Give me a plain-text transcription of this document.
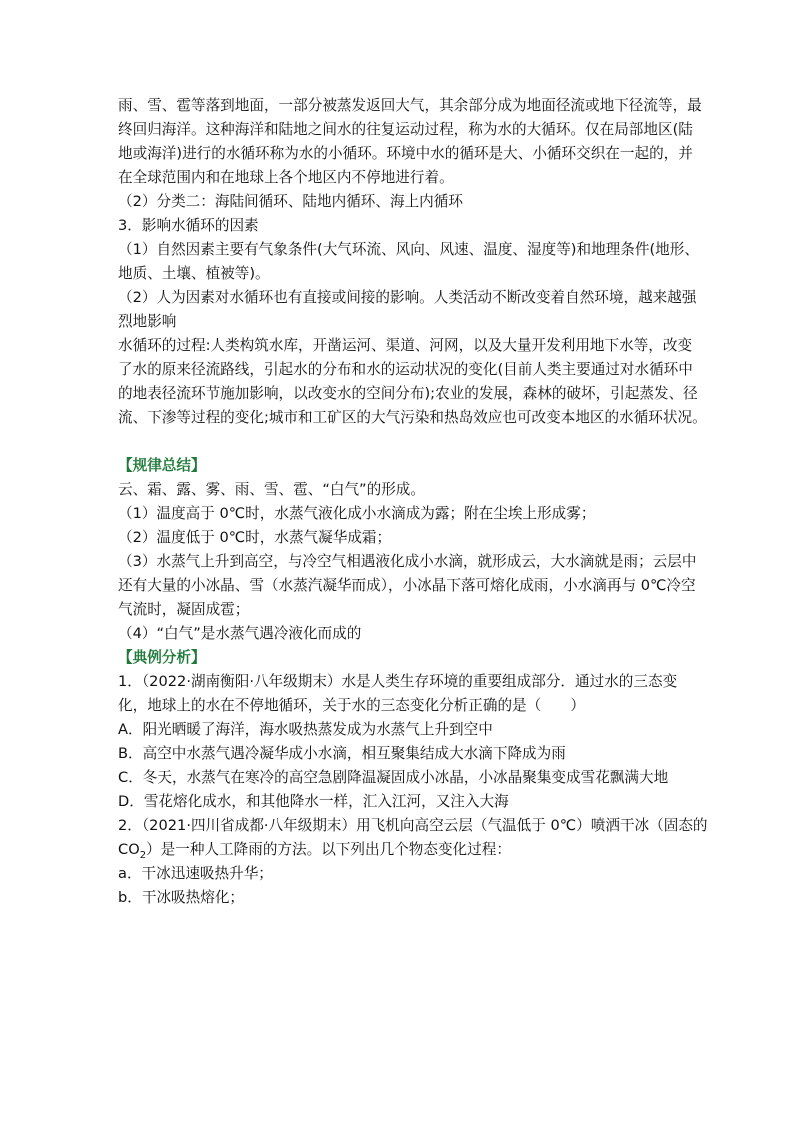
雨、雪、雹等落到地面，一部分被蒸发返回大气，其余部分成为地面径流或地下径流等，最
终回归海洋。这种海洋和陆地之间水的往复运动过程，称为水的大循环。仅在局部地区(陆
地或海洋)进行的水循环称为水的小循环。环境中水的循环是大、小循环交织在一起的，并
在全球范围内和在地球上各个地区内不停地进行着。
（2）分类二：海陆间循环、陆地内循环、海上内循环
3．影响水循环的因素
（1）自然因素主要有气象条件(大气环流、风向、风速、温度、湿度等)和地理条件(地形、
地质、土壤、植被等)。
（2）人为因素对水循环也有直接或间接的影响。人类活动不断改变着自然环境，越来越强
烈地影响
水循环的过程:人类构筑水库，开凿运河、渠道、河网，以及大量开发利用地下水等，改变
了水的原来径流路线，引起水的分布和水的运动状况的变化(目前人类主要通过对水循环中
的地表径流环节施加影响，以改变水的空间分布);农业的发展，森林的破坏，引起蒸发、径
流、下渗等过程的变化;城市和工矿区的大气污染和热岛效应也可改变本地区的水循环状况。
【规律总结】
云、霜、露、雾、雨、雪、雹、“白气”的形成。
（1）温度高于 0℃时，水蒸气液化成小水滴成为露；附在尘埃上形成雾；
（2）温度低于 0℃时，水蒸气凝华成霜；
（3）水蒸气上升到高空，与冷空气相遇液化成小水滴，就形成云，大水滴就是雨；云层中
还有大量的小冰晶、雪（水蒸汽凝华而成），小冰晶下落可熔化成雨，小水滴再与 0℃冷空
气流时，凝固成雹；
（4）“白气”是水蒸气遇冷液化而成的
【典例分析】
1．（2022·湖南衡阳·八年级期末）水是人类生存环境的重要组成部分．通过水的三态变
化，地球上的水在不停地循环，关于水的三态变化分析正确的是（　　）
A．阳光晒暖了海洋，海水吸热蒸发成为水蒸气上升到空中
B．高空中水蒸气遇冷凝华成小水滴，相互聚集结成大水滴下降成为雨
C．冬天，水蒸气在寒冷的高空急剧降温凝固成小冰晶，小冰晶聚集变成雪花飘满大地
D．雪花熔化成水，和其他降水一样，汇入江河，又注入大海
2．（2021·四川省成都·八年级期末）用飞机向高空云层（气温低于 0℃）喷洒干冰（固态的
$CO_2$）是一种人工降雨的方法。以下列出几个物态变化过程：
a．干冰迅速吸热升华；
b．干冰吸热熔化；
